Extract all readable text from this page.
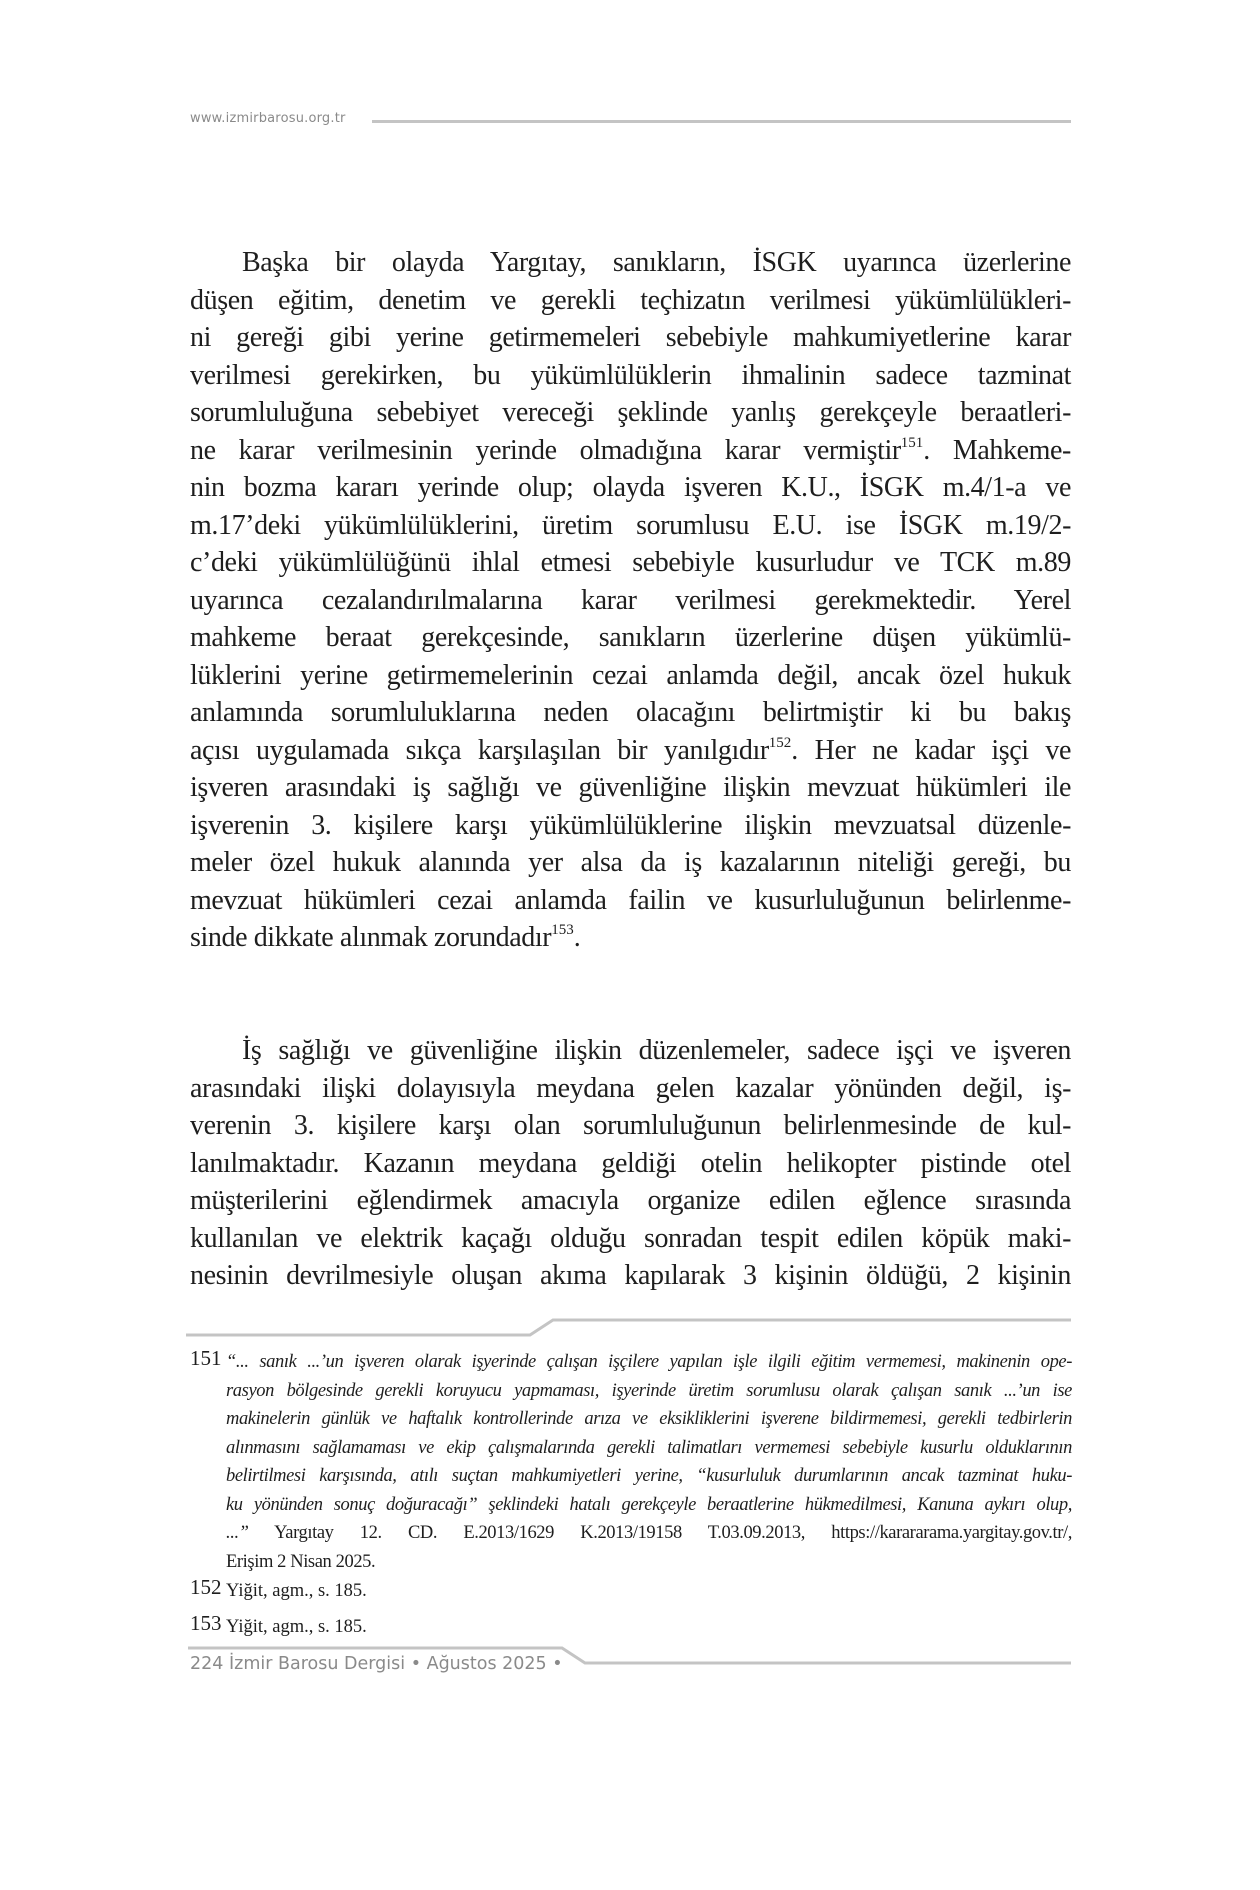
www.izmirbarosu.org.tr
Başka bir olayda Yargıtay, sanıkların, İSGK uyarınca üzerlerine
düşen eğitim, denetim ve gerekli teçhizatın verilmesi yükümlülükleri-
ni gereği gibi yerine getirmemeleri sebebiyle mahkumiyetlerine karar
verilmesi gerekirken, bu yükümlülüklerin ihmalinin sadece tazminat
sorumluluğuna sebebiyet vereceği şeklinde yanlış gerekçeyle beraatleri-
ne karar verilmesinin yerinde olmadığına karar vermiştir$^{151}$. Mahkeme-
nin bozma kararı yerinde olup; olayda işveren K.U., İSGK m.4/1-a ve
m.17’deki yükümlülüklerini, üretim sorumlusu E.U. ise İSGK m.19/2-
c’deki yükümlülüğünü ihlal etmesi sebebiyle kusurludur ve TCK m.89
uyarınca cezalandırılmalarına karar verilmesi gerekmektedir. Yerel
mahkeme beraat gerekçesinde, sanıkların üzerlerine düşen yükümlü-
lüklerini yerine getirmemelerinin cezai anlamda değil, ancak özel hukuk
anlamında sorumluluklarına neden olacağını belirtmiştir ki bu bakış
açısı uygulamada sıkça karşılaşılan bir yanılgıdır$^{152}$. Her ne kadar işçi ve
işveren arasındaki iş sağlığı ve güvenliğine ilişkin mevzuat hükümleri ile
işverenin 3. kişilere karşı yükümlülüklerine ilişkin mevzuatsal düzenle-
meler özel hukuk alanında yer alsa da iş kazalarının niteliği gereği, bu
mevzuat hükümleri cezai anlamda failin ve kusurluluğunun belirlenme-
sinde dikkate alınmak zorundadır$^{153}$.
İş sağlığı ve güvenliğine ilişkin düzenlemeler, sadece işçi ve işveren
arasındaki ilişki dolayısıyla meydana gelen kazalar yönünden değil, iş-
verenin 3. kişilere karşı olan sorumluluğunun belirlenmesinde de kul-
lanılmaktadır. Kazanın meydana geldiği otelin helikopter pistinde otel
müşterilerini eğlendirmek amacıyla organize edilen eğlence sırasında
kullanılan ve elektrik kaçağı olduğu sonradan tespit edilen köpük maki-
nesinin devrilmesiyle oluşan akıma kapılarak 3 kişinin öldüğü, 2 kişinin
151 “... sanık ...’un işveren olarak işyerinde çalışan işçilere yapılan işle ilgili eğitim vermemesi, makinenin ope-
rasyon bölgesinde gerekli koruyucu yapmaması, işyerinde üretim sorumlusu olarak çalışan sanık ...’un ise
makinelerin günlük ve haftalık kontrollerinde arıza ve eksikliklerini işverene bildirmemesi, gerekli tedbirlerin
alınmasını sağlamaması ve ekip çalışmalarında gerekli talimatları vermemesi sebebiyle kusurlu olduklarının
belirtilmesi karşısında, atılı suçtan mahkumiyetleri yerine, “kusurluluk durumlarının ancak tazminat huku-
ku yönünden sonuç doğuracağı” şeklindeki hatalı gerekçeyle beraatlerine hükmedilmesi, Kanuna aykırı olup,
...” Yargıtay 12. CD. E.2013/1629 K.2013/19158 T.03.09.2013, https://karararama.yargitay.gov.tr/,
Erişim 2 Nisan 2025.
152 Yiğit, agm., s. 185.
153 Yiğit, agm., s. 185.
224 İzmir Barosu Dergisi • Ağustos 2025 •
